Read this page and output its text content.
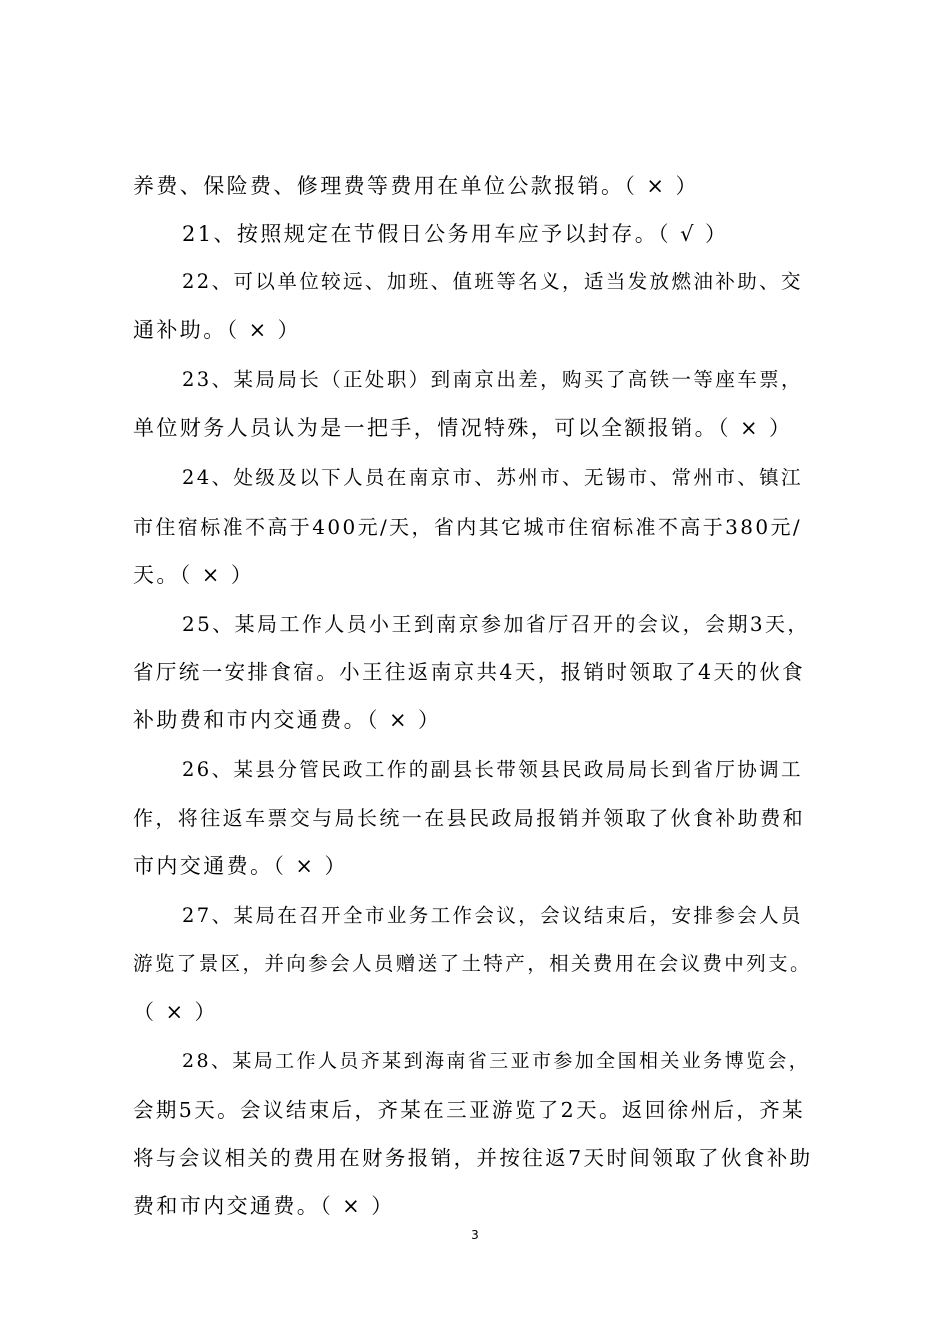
养费、保险费、修理费等费用在单位公款报销。（ × ）
21、按照规定在节假日公务用车应予以封存。（ √ ）
22、可以单位较远、加班、值班等名义，适当发放燃油补助、交
通补助。（ × ）
23、某局局长（正处职）到南京出差，购买了高铁一等座车票，
单位财务人员认为是一把手，情况特殊，可以全额报销。（ × ）
24、处级及以下人员在南京市、苏州市、无锡市、常州市、镇江
市住宿标准不高于400元/天，省内其它城市住宿标准不高于380元/
天。（ × ）
25、某局工作人员小王到南京参加省厅召开的会议，会期3天，
省厅统一安排食宿。小王往返南京共4天，报销时领取了4天的伙食
补助费和市内交通费。（ × ）
26、某县分管民政工作的副县长带领县民政局局长到省厅协调工
作，将往返车票交与局长统一在县民政局报销并领取了伙食补助费和
市内交通费。（ × ）
27、某局在召开全市业务工作会议，会议结束后，安排参会人员
游览了景区，并向参会人员赠送了土特产，相关费用在会议费中列支。
（ × ）
28、某局工作人员齐某到海南省三亚市参加全国相关业务博览会，
会期5天。会议结束后，齐某在三亚游览了2天。返回徐州后，齐某
将与会议相关的费用在财务报销，并按往返7天时间领取了伙食补助
费和市内交通费。（ × ）
3
